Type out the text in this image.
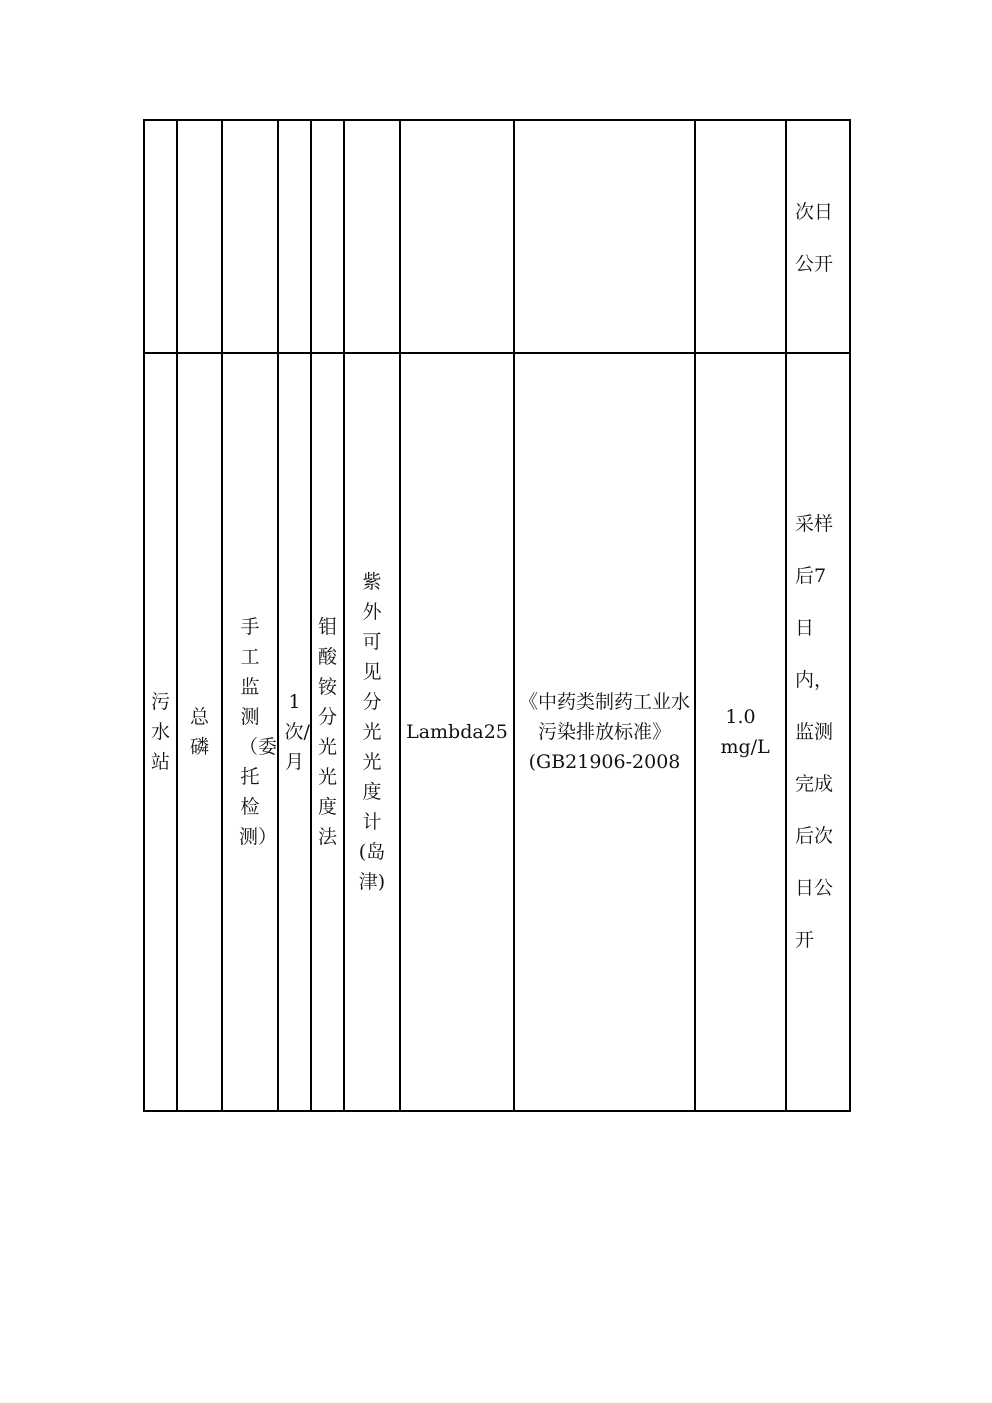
									次日公开

污水站	总磷	手工监测（委托检测）	1次/月	钼酸铵分光光度法	紫外可见分光光度计(岛津)	Lambda25	《中药类制药工业水污染排放标准》(GB21906-2008	1.0 mg/L	采样后7日内，监测完成后次日公开
